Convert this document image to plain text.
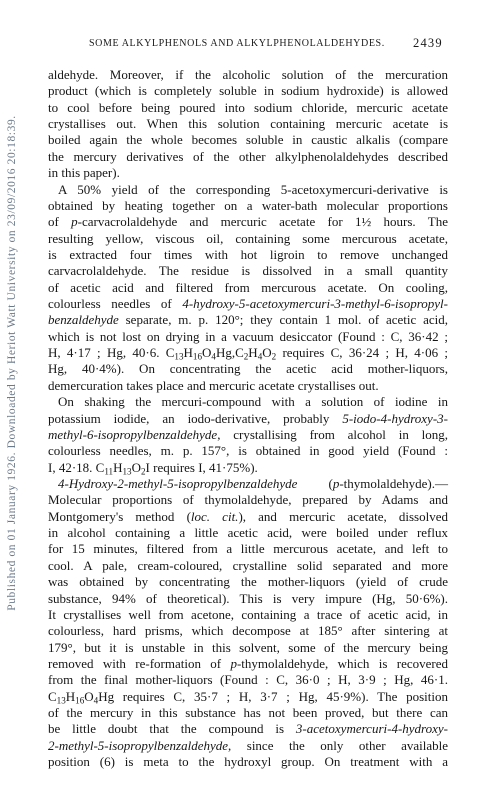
Published on 01 January 1926. Downloaded by Heriot Watt University on 23/09/2016 20:18:39.
SOME ALKYLPHENOLS AND ALKYLPHENOLALDEHYDES. 2439
aldehyde. Moreover, if the alcoholic solution of the mercuration
product (which is completely soluble in sodium hydroxide) is allowed
to cool before being poured into sodium chloride, mercuric acetate
crystallises out. When this solution containing mercuric acetate is
boiled again the whole becomes soluble in caustic alkalis (compare
the mercury derivatives of the other alkylphenolaldehydes described
in this paper).
A 50% yield of the corresponding 5-acetoxymercuri-derivative is
obtained by heating together on a water-bath molecular proportions
of p-carvacrolaldehyde and mercuric acetate for 1½ hours. The
resulting yellow, viscous oil, containing some mercurous acetate,
is extracted four times with hot ligroin to remove unchanged
carvacrolaldehyde. The residue is dissolved in a small quantity
of acetic acid and filtered from mercurous acetate. On cooling,
colourless needles of 4-hydroxy-5-acetoxymercuri-3-methyl-6-isopropyl-
benzaldehyde separate, m. p. 120°; they contain 1 mol. of acetic acid,
which is not lost on drying in a vacuum desiccator (Found : C, 36·42 ;
H, 4·17 ; Hg, 40·6. $C_{13}H_{16}O_4Hg,C_2H_4O_2$ requires C, 36·24 ; H, 4·06 ;
Hg, 40·4%). On concentrating the acetic acid mother-liquors,
demercuration takes place and mercuric acetate crystallises out.
On shaking the mercuri-compound with a solution of iodine in
potassium iodide, an iodo-derivative, probably 5-iodo-4-hydroxy-3-
methyl-6-isopropylbenzaldehyde, crystallising from alcohol in long,
colourless needles, m. p. 157°, is obtained in good yield (Found :
I, 42·18. $C_{11}H_{13}O_2I$ requires I, 41·75%).
4-Hydroxy-2-methyl-5-isopropylbenzaldehyde (p-thymolaldehyde).—
Molecular proportions of thymolaldehyde, prepared by Adams and
Montgomery's method (loc. cit.), and mercuric acetate, dissolved
in alcohol containing a little acetic acid, were boiled under reflux
for 15 minutes, filtered from a little mercurous acetate, and left to
cool. A pale, cream-coloured, crystalline solid separated and more
was obtained by concentrating the mother-liquors (yield of crude
substance, 94% of theoretical). This is very impure (Hg, 50·6%).
It crystallises well from acetone, containing a trace of acetic acid, in
colourless, hard prisms, which decompose at 185° after sintering at
179°, but it is unstable in this solvent, some of the mercury being
removed with re-formation of p-thymolaldehyde, which is recovered
from the final mother-liquors (Found : C, 36·0 ; H, 3·9 ; Hg, 46·1.
$C_{13}H_{16}O_4Hg$ requires C, 35·7 ; H, 3·7 ; Hg, 45·9%). The position
of the mercury in this substance has not been proved, but there can
be little doubt that the compound is 3-acetoxymercuri-4-hydroxy-
2-methyl-5-isopropylbenzaldehyde, since the only other available
position (6) is meta to the hydroxyl group. On treatment with a
